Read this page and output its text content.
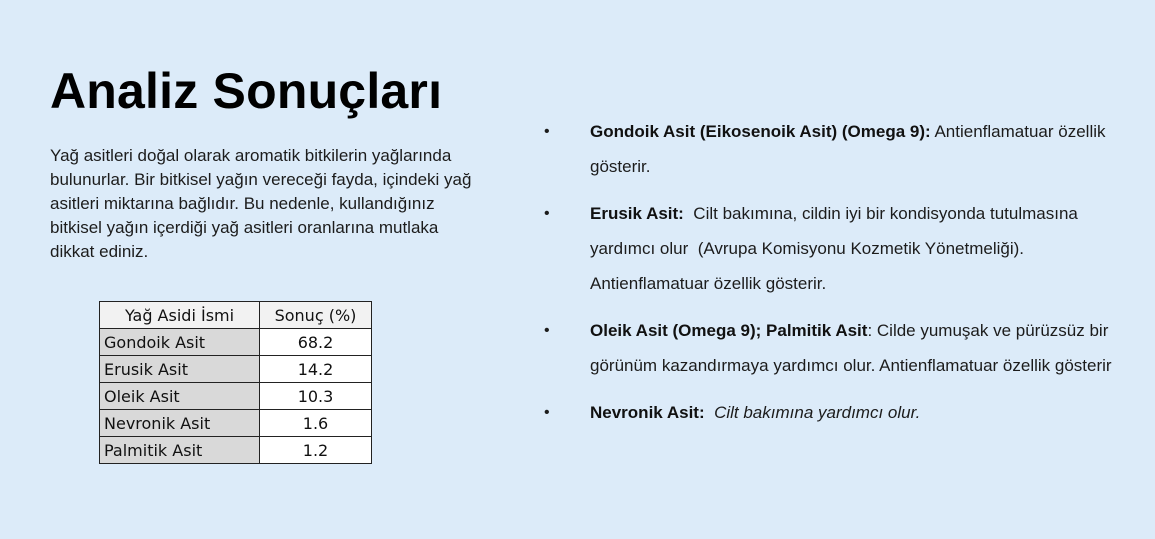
Analiz Sonuçları
Yağ asitleri doğal olarak aromatik bitkilerin yağlarında bulunurlar. Bir bitkisel yağın vereceği fayda, içindeki yağ asitleri miktarına bağlıdır. Bu nedenle, kullandığınız bitkisel yağın içerdiği yağ asitleri oranlarına mutlaka dikkat ediniz.
Yağ Asidi İsmi	Sonuç (%)
Gondoik Asit	68.2
Erusik Asit	14.2
Oleik Asit	10.3
Nevronik Asit	1.6
Palmitik Asit	1.2
• Gondoik Asit (Eikosenoik Asit) (Omega 9): Antienflamatuar özellik gösterir.
• Erusik Asit:  Cilt bakımına, cildin iyi bir kondisyonda tutulmasına yardımcı olur  (Avrupa Komisyonu Kozmetik Yönetmeliği). Antienflamatuar özellik gösterir.
• Oleik Asit (Omega 9); Palmitik Asit: Cilde yumuşak ve pürüzsüz bir görünüm kazandırmaya yardımcı olur. Antienflamatuar özellik gösterir
• Nevronik Asit: Cilt bakımına yardımcı olur.
